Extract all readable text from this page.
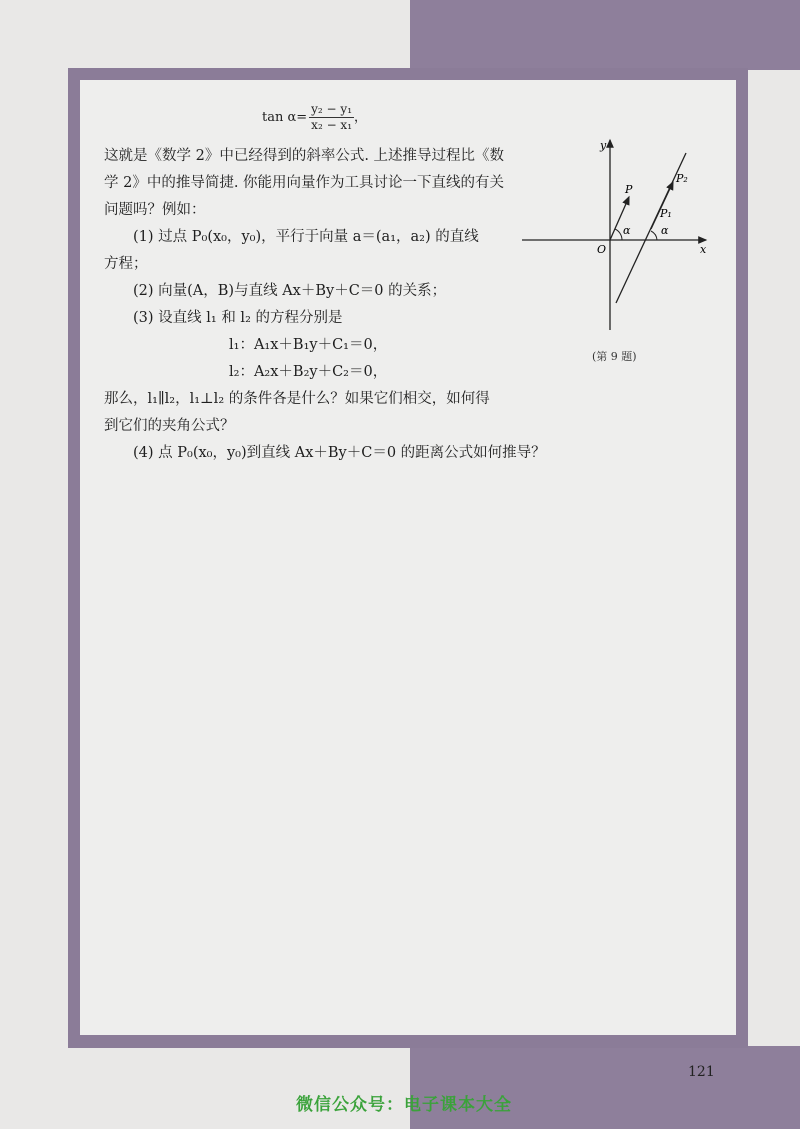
$\tan \alpha= \frac{\text{y₂ − y₁}}{\text{x₂ − x₁}}$ ，
这就是《数学 2》中已经得到的斜率公式. 上述推导过程比《数
学 2》中的推导简捷. 你能用向量作为工具讨论一下直线的有关
问题吗？例如：
(1) 过点 P₀(x₀，y₀)，平行于向量 a＝(a₁，a₂) 的直线
方程；
(2) 向量(A，B)与直线 Ax＋By＋C＝0 的关系；
(3) 设直线 l₁ 和 l₂ 的方程分别是
l₁：A₁x＋B₁y＋C₁＝0，
l₂：A₂x＋B₂y＋C₂＝0，
那么，l₁∥l₂，l₁⊥l₂ 的条件各是什么？如果它们相交，如何得
到它们的夹角公式？
(4) 点 P₀(x₀，y₀)到直线 Ax＋By＋C＝0 的距离公式如何推导？
y
x
O
P
P₁
P₂
α	α
(第 9 题)
121
微信公众号：电子课本大全
